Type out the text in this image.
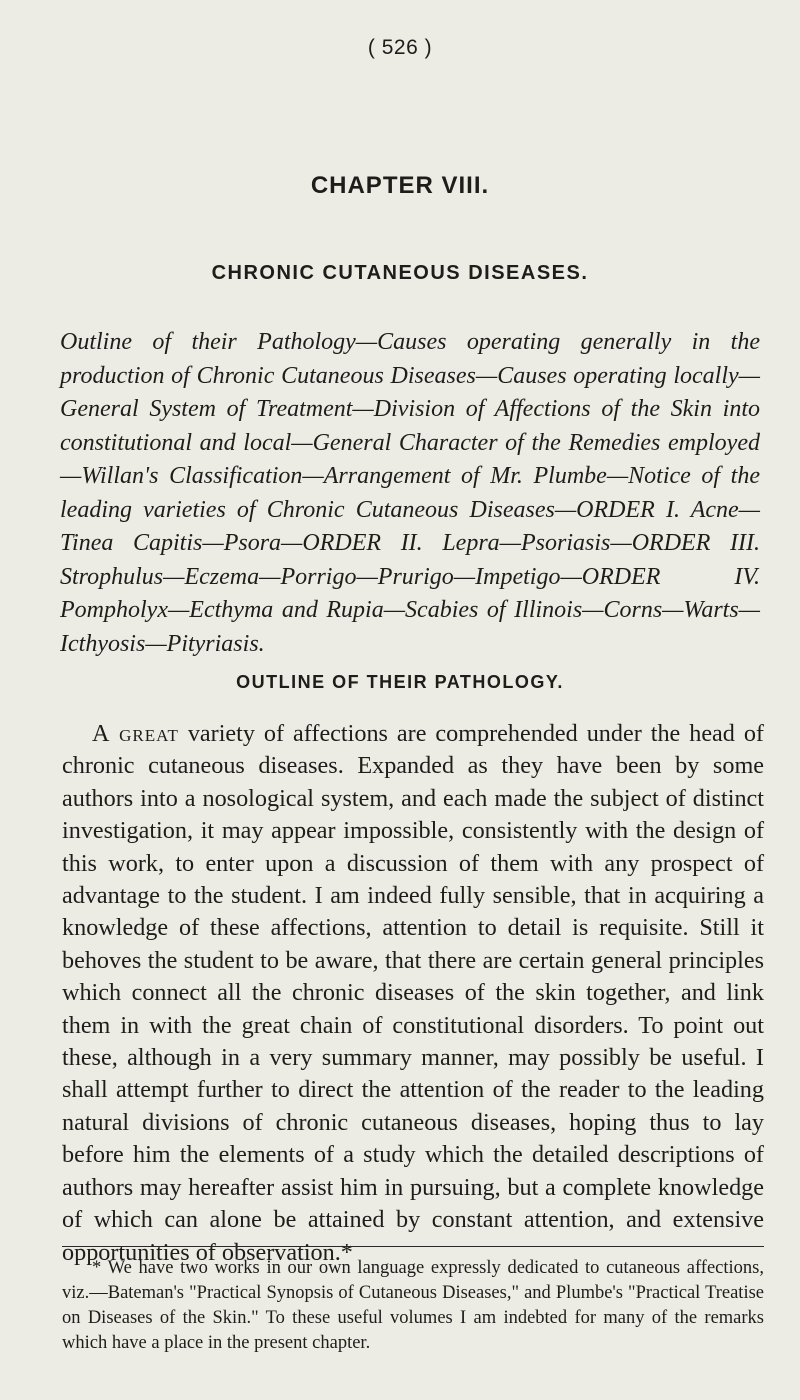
( 526 )
CHAPTER VIII.
CHRONIC CUTANEOUS DISEASES.
Outline of their Pathology—Causes operating generally in the production of Chronic Cutaneous Diseases—Causes operating locally—General System of Treatment—Division of Affections of the Skin into constitutional and local—General Character of the Remedies employed—Willan's Classification—Arrangement of Mr. Plumbe—Notice of the leading varieties of Chronic Cutaneous Diseases—ORDER I. Acne—Tinea Capitis—Psora—ORDER II. Lepra—Psoriasis—ORDER III. Strophulus—Eczema—Porrigo—Prurigo—Impetigo—ORDER IV. Pompholyx—Ecthyma and Rupia—Scabies of Illinois—Corns—Warts—Icthyosis—Pityriasis.
OUTLINE OF THEIR PATHOLOGY.

A great variety of affections are comprehended under the head of chronic cutaneous diseases. Expanded as they have been by some authors into a nosological system, and each made the subject of distinct investigation, it may appear impossible, consistently with the design of this work, to enter upon a discussion of them with any prospect of advantage to the student. I am indeed fully sensible, that in acquiring a knowledge of these affections, attention to detail is requisite. Still it behoves the student to be aware, that there are certain general principles which connect all the chronic diseases of the skin together, and link them in with the great chain of constitutional disorders. To point out these, although in a very summary manner, may possibly be useful. I shall attempt further to direct the attention of the reader to the leading natural divisions of chronic cutaneous diseases, hoping thus to lay before him the elements of a study which the detailed descriptions of authors may hereafter assist him in pursuing, but a complete knowledge of which can alone be attained by constant attention, and extensive opportunities of observation.*

* We have two works in our own language expressly dedicated to cutaneous affections, viz.—Bateman's "Practical Synopsis of Cutaneous Diseases," and Plumbe's "Practical Treatise on Diseases of the Skin." To these useful volumes I am indebted for many of the remarks which have a place in the present chapter.
